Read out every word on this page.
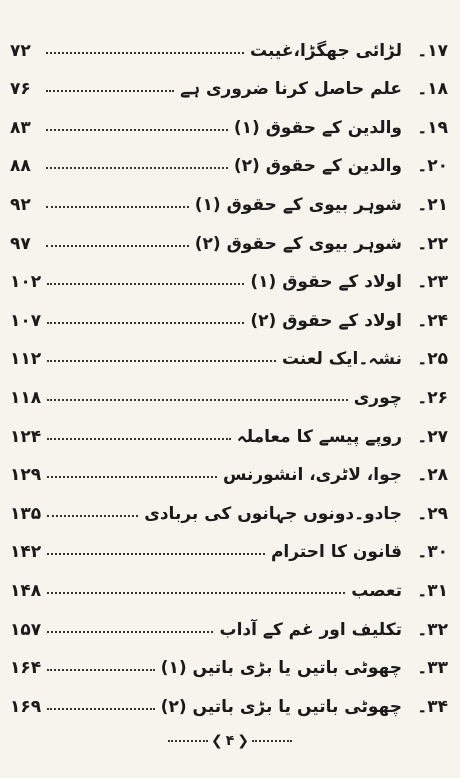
۱۷۔
لڑائی جھگڑا،غیبت
۷۲
۱۸۔
علم حاصل کرنا ضروری ہے
۷۶
۱۹۔
والدین کے حقوق (۱)
۸۳
۲۰۔
والدین کے حقوق (۲)
۸۸
۲۱۔
شوہر بیوی کے حقوق (۱)
۹۲
۲۲۔
شوہر بیوی کے حقوق (۲)
۹۷
۲۳۔
اولاد کے حقوق (۱)
۱۰۲
۲۴۔
اولاد کے حقوق (۲)
۱۰۷
۲۵۔
نشہ۔ایک لعنت
۱۱۲
۲۶۔
چوری
۱۱۸
۲۷۔
روپے پیسے کا معاملہ
۱۲۴
۲۸۔
جوا، لاٹری، انشورنس
۱۲۹
۲۹۔
جادو۔دونوں جہانوں کی بربادی
۱۳۵
۳۰۔
قانون کا احترام
۱۴۲
۳۱۔
تعصب
۱۴۸
۳۲۔
تکلیف اور غم کے آداب
۱۵۷
۳۳۔
چھوٹی باتیں یا بڑی باتیں (۱)
۱۶۴
۳۴۔
چھوٹی باتیں یا بڑی باتیں (۲)
۱۶۹
❮ ۴ ❯
